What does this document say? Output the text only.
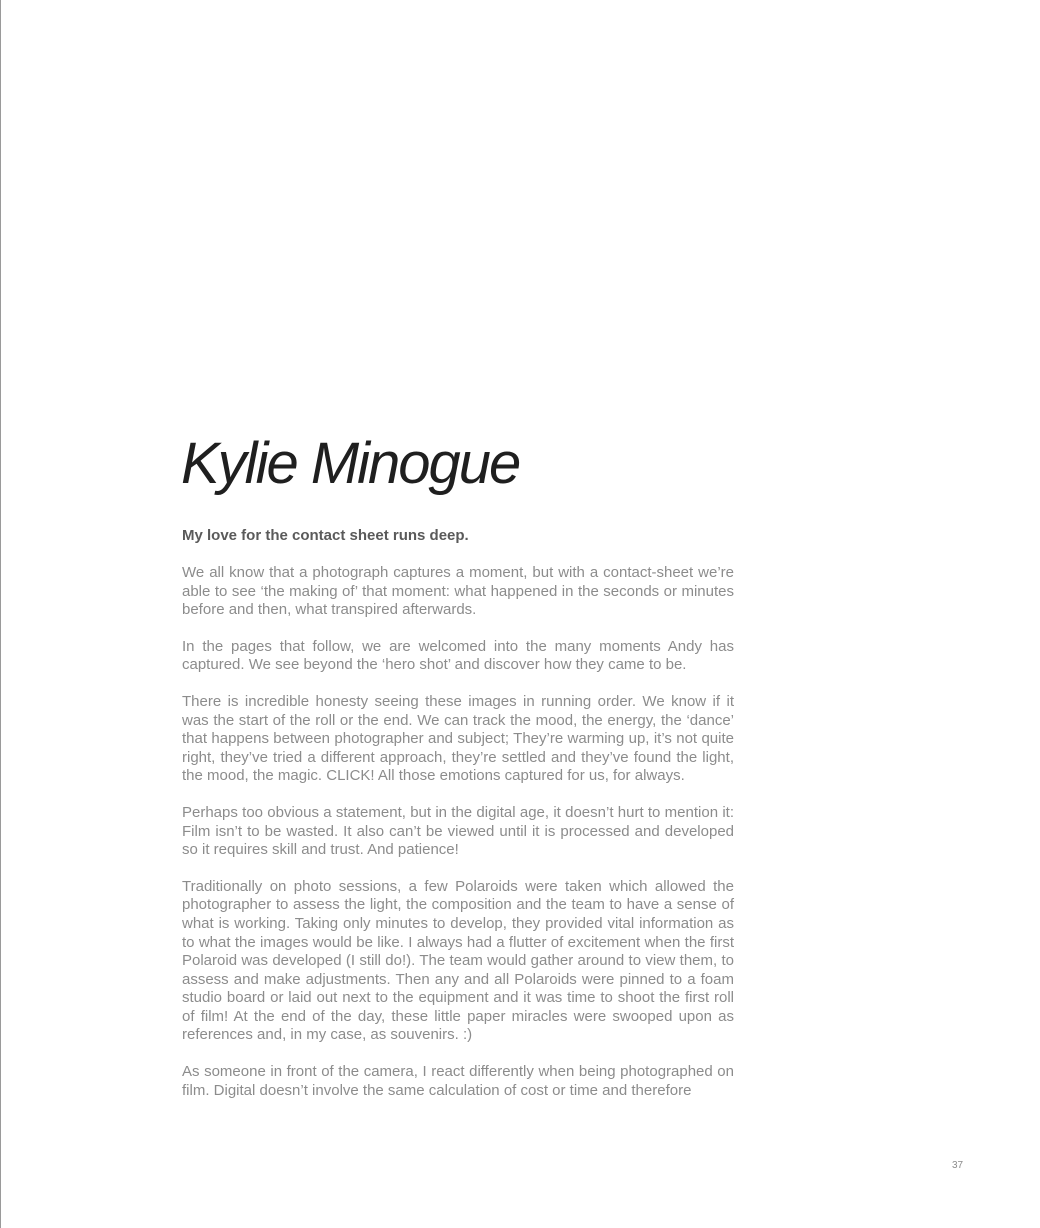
Kylie Minogue

My love for the contact sheet runs deep.

We all know that a photograph captures a moment, but with a contact-sheet we’re able to see ‘the making of’ that moment: what happened in the seconds or minutes before and then, what transpired afterwards.

In the pages that follow, we are welcomed into the many moments Andy has captured. We see beyond the ‘hero shot’ and discover how they came to be.

There is incredible honesty seeing these images in running order. We know if it was the start of the roll or the end. We can track the mood, the energy, the ‘dance’ that happens between photographer and subject; They’re warming up, it’s not quite right, they’ve tried a different approach, they’re settled and they’ve found the light, the mood, the magic. CLICK! All those emotions captured for us, for always.

Perhaps too obvious a statement, but in the digital age, it doesn’t hurt to mention it: Film isn’t to be wasted. It also can’t be viewed until it is processed and developed so it requires skill and trust. And patience!

Traditionally on photo sessions, a few Polaroids were taken which allowed the photographer to assess the light, the composition and the team to have a sense of what is working. Taking only minutes to develop, they provided vital information as to what the images would be like. I always had a flutter of excitement when the first Polaroid was developed (I still do!). The team would gather around to view them, to assess and make adjustments. Then any and all Polaroids were pinned to a foam studio board or laid out next to the equipment and it was time to shoot the first roll of film! At the end of the day, these little paper miracles were swooped upon as references and, in my case, as souvenirs. :)

As someone in front of the camera, I react differently when being photographed on film. Digital doesn’t involve the same calculation of cost or time and therefore

37
